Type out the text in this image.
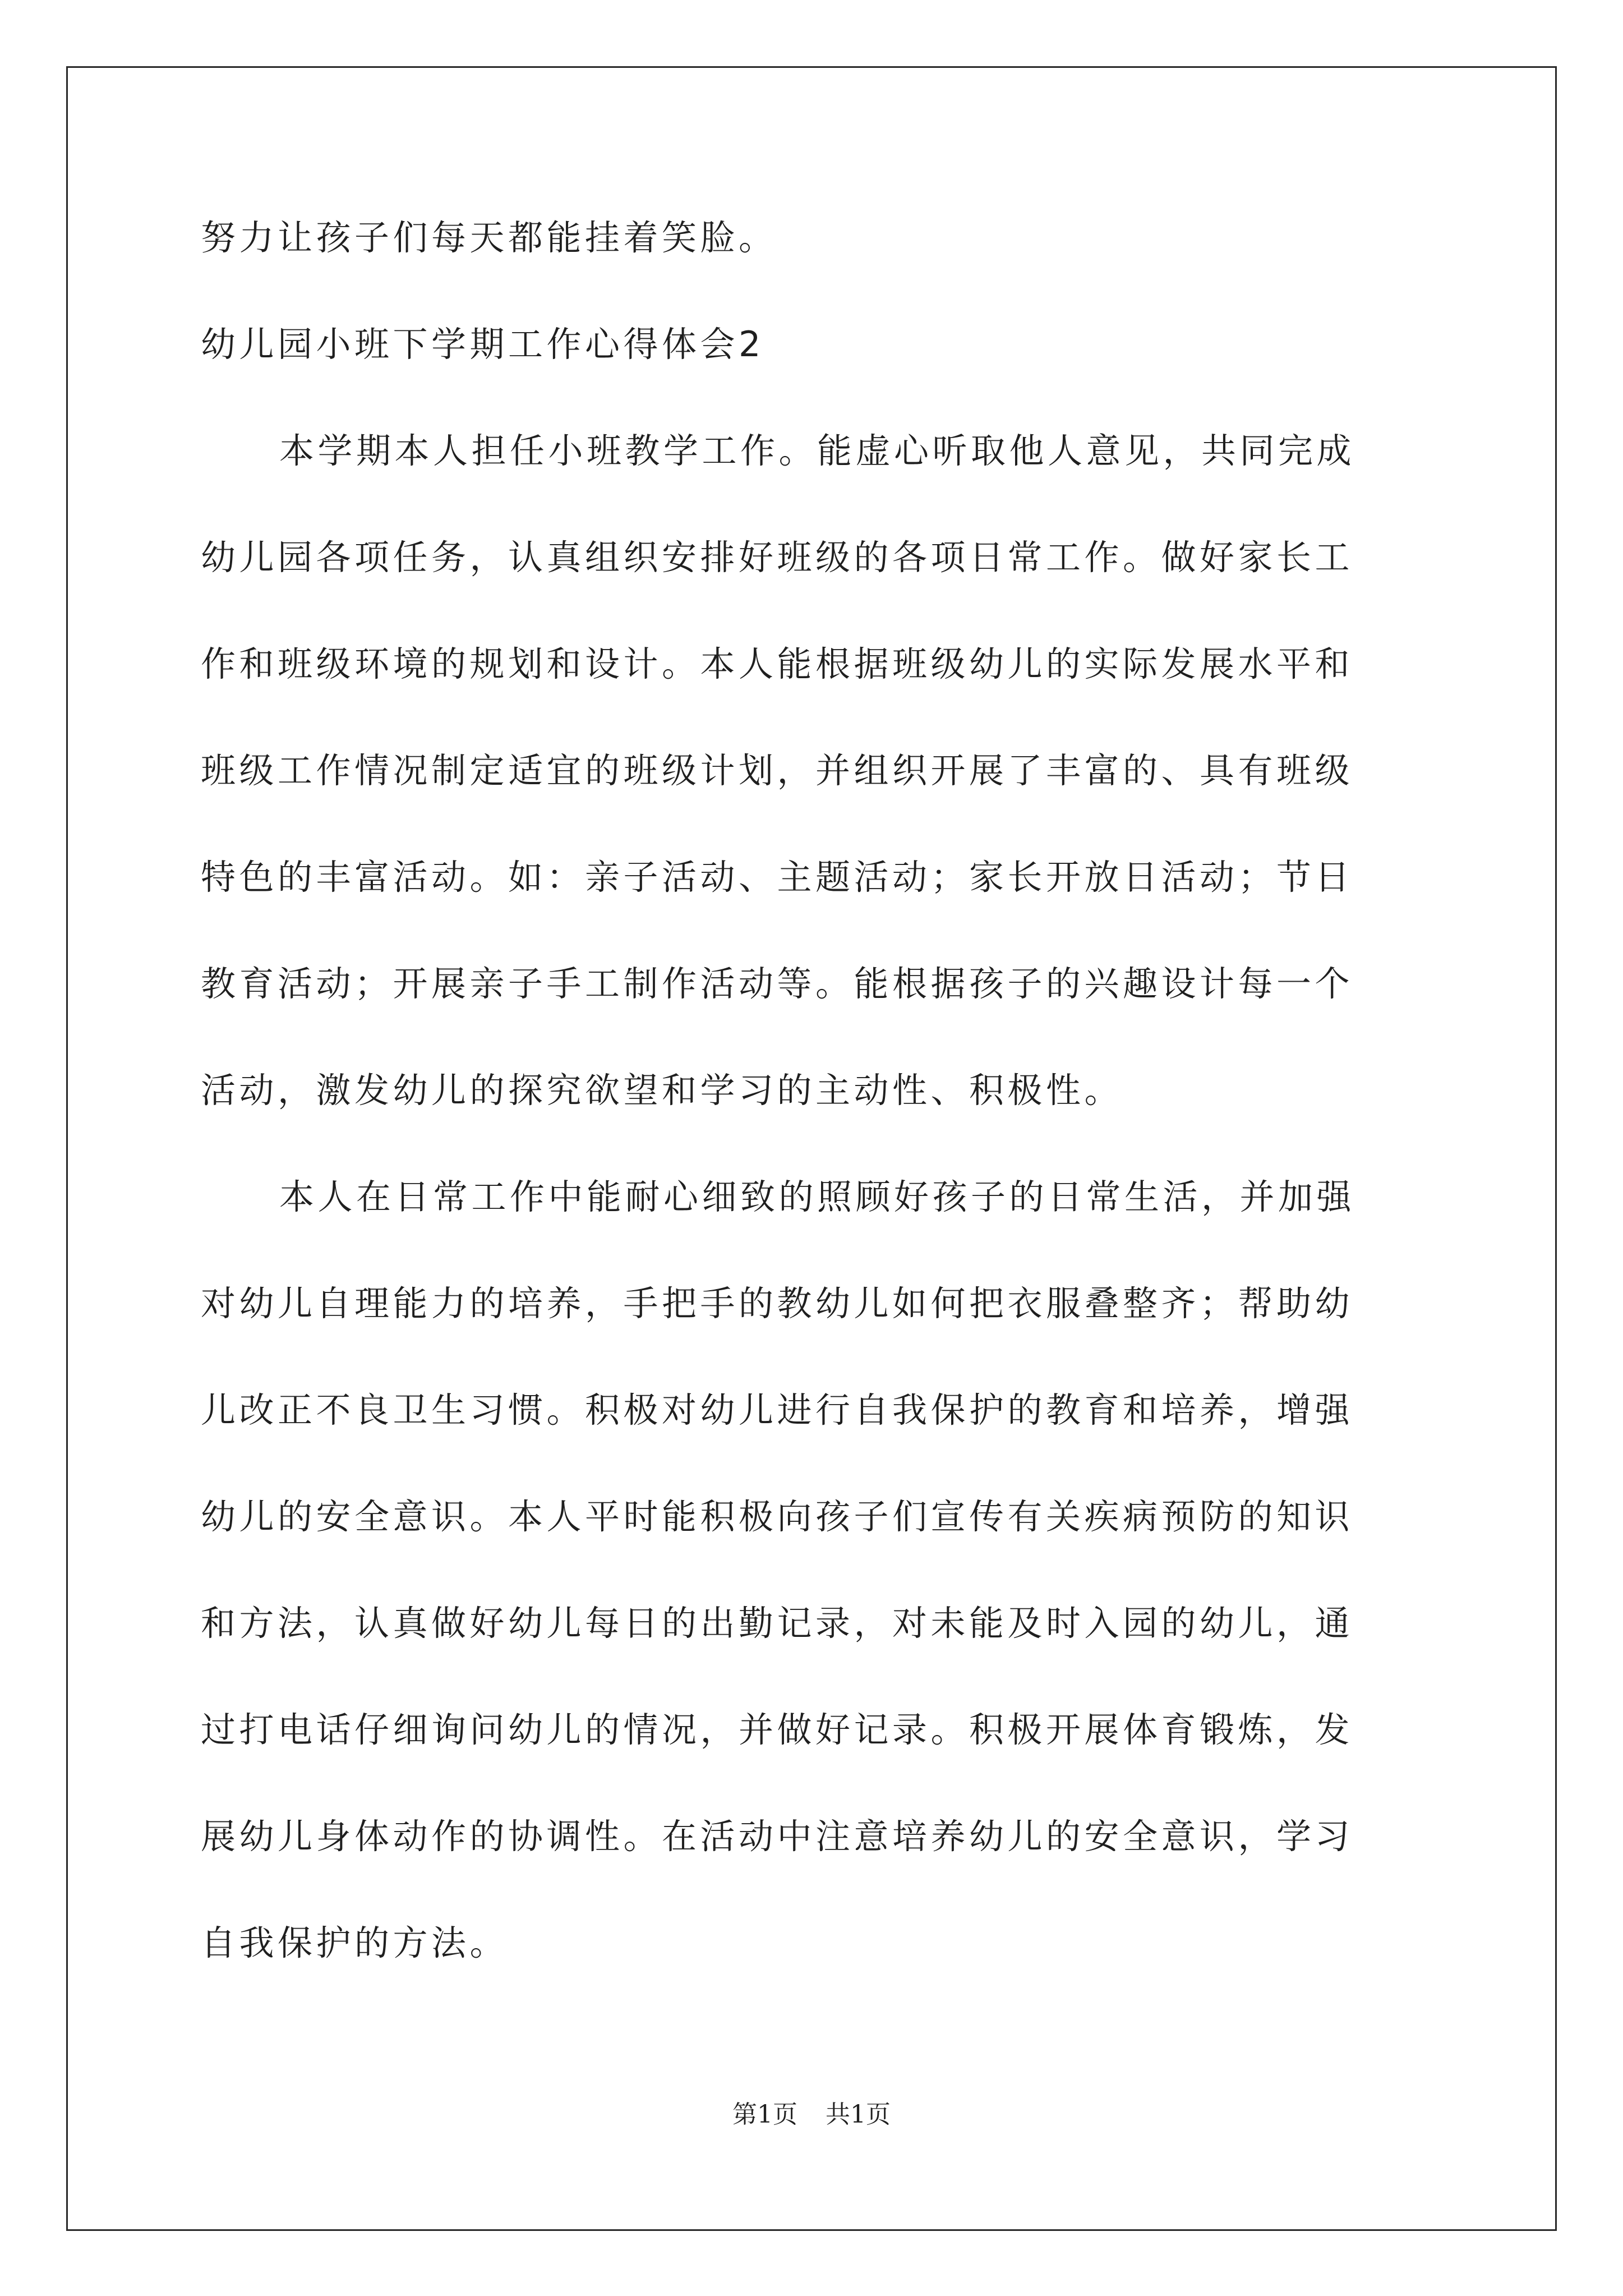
努力让孩子们每天都能挂着笑脸。

幼儿园小班下学期工作心得体会2

本学期本人担任小班教学工作。能虚心听取他人意见，共同完成

幼儿园各项任务，认真组织安排好班级的各项日常工作。做好家长工

作和班级环境的规划和设计。本人能根据班级幼儿的实际发展水平和

班级工作情况制定适宜的班级计划，并组织开展了丰富的、具有班级

特色的丰富活动。如：亲子活动、主题活动；家长开放日活动；节日

教育活动；开展亲子手工制作活动等。能根据孩子的兴趣设计每一个

活动，激发幼儿的探究欲望和学习的主动性、积极性。

本人在日常工作中能耐心细致的照顾好孩子的日常生活，并加强

对幼儿自理能力的培养，手把手的教幼儿如何把衣服叠整齐；帮助幼

儿改正不良卫生习惯。积极对幼儿进行自我保护的教育和培养，增强

幼儿的安全意识。本人平时能积极向孩子们宣传有关疾病预防的知识

和方法，认真做好幼儿每日的出勤记录，对未能及时入园的幼儿，通

过打电话仔细询问幼儿的情况，并做好记录。积极开展体育锻炼，发

展幼儿身体动作的协调性。在活动中注意培养幼儿的安全意识，学习

自我保护的方法。

第1页 共1页
